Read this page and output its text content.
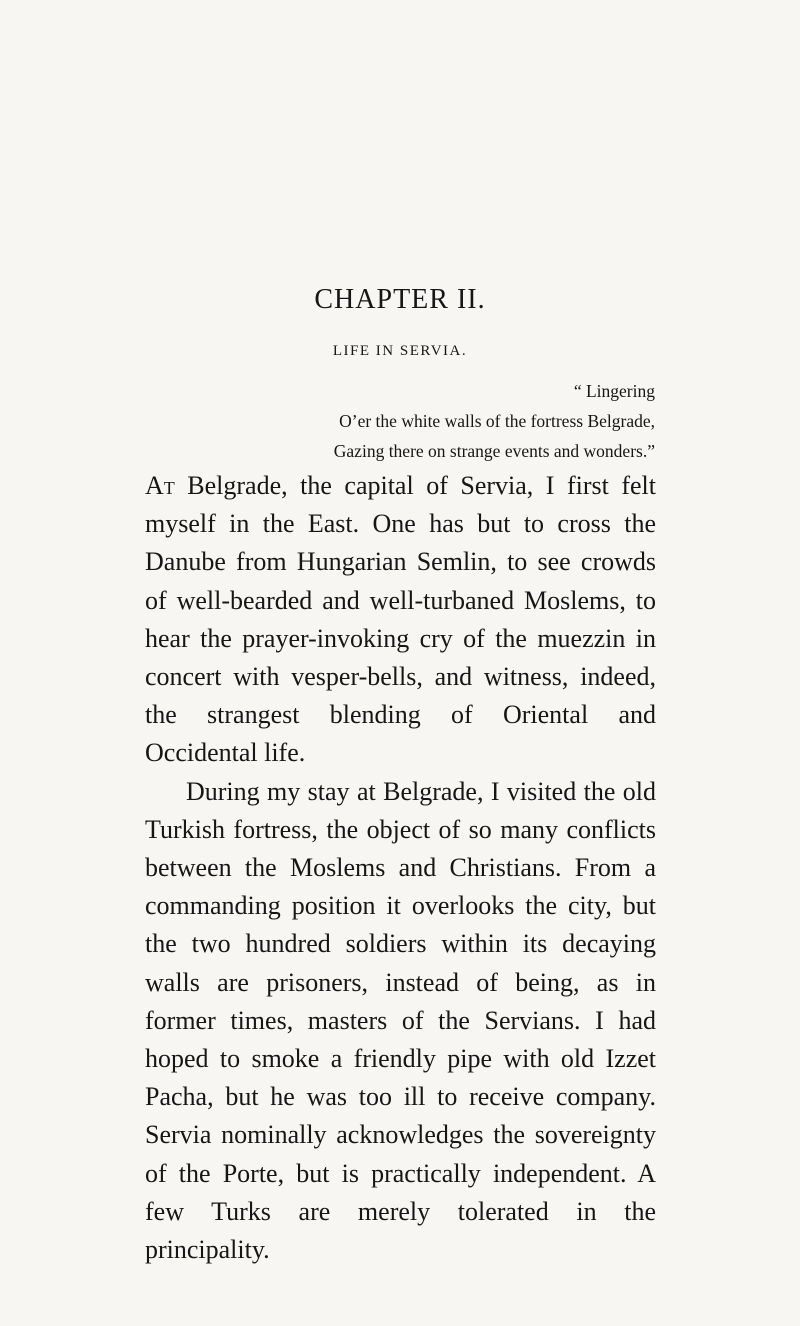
CHAPTER II.
LIFE IN SERVIA.
“ Lingering
O’er the white walls of the fortress Belgrade,
Gazing there on strange events and wonders.”

At Belgrade, the capital of Servia, I first felt myself in the East. One has but to cross the Danube from Hungarian Semlin, to see crowds of well-bearded and well-turbaned Moslems, to hear the prayer-invoking cry of the muezzin in concert with vesper-bells, and witness, indeed, the strangest blending of Oriental and Occidental life.

During my stay at Belgrade, I visited the old Turkish fortress, the object of so many conflicts between the Moslems and Christians. From a commanding position it overlooks the city, but the two hundred soldiers within its decaying walls are prisoners, instead of being, as in former times, masters of the Servians. I had hoped to smoke a friendly pipe with old Izzet Pacha, but he was too ill to receive company. Servia nominally acknowledges the sovereignty of the Porte, but is practically independent. A few Turks are merely tolerated in the principality.
